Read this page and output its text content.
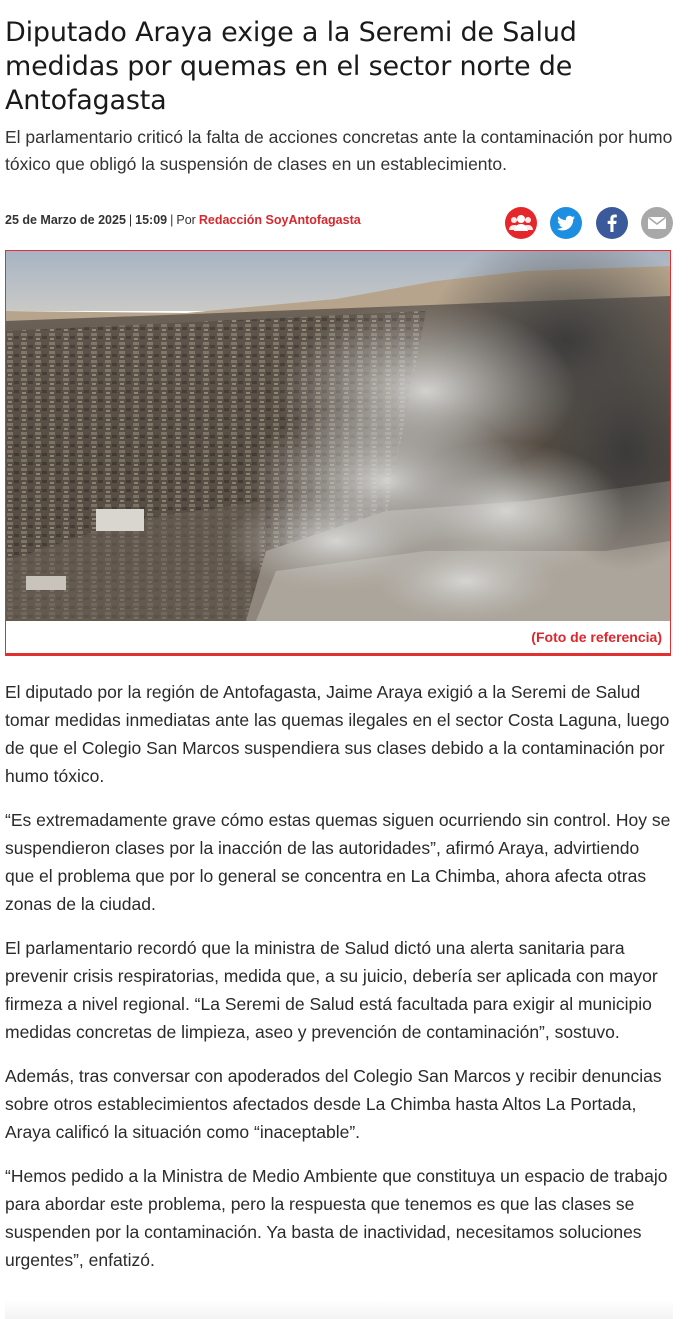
Diputado Araya exige a la Seremi de Salud medidas por quemas en el sector norte de Antofagasta
El parlamentario criticó la falta de acciones concretas ante la contaminación por humo tóxico que obligó la suspensión de clases en un establecimiento.
25 de Marzo de 2025 | 15:09 | Por Redacción SoyAntofagasta
(Foto de referencia)

El diputado por la región de Antofagasta, Jaime Araya exigió a la Seremi de Salud tomar medidas inmediatas ante las quemas ilegales en el sector Costa Laguna, luego de que el Colegio San Marcos suspendiera sus clases debido a la contaminación por humo tóxico.

“Es extremadamente grave cómo estas quemas siguen ocurriendo sin control. Hoy se suspendieron clases por la inacción de las autoridades”, afirmó Araya, advirtiendo que el problema que por lo general se concentra en La Chimba, ahora afecta otras zonas de la ciudad.

El parlamentario recordó que la ministra de Salud dictó una alerta sanitaria para prevenir crisis respiratorias, medida que, a su juicio, debería ser aplicada con mayor firmeza a nivel regional. “La Seremi de Salud está facultada para exigir al municipio medidas concretas de limpieza, aseo y prevención de contaminación”, sostuvo.

Además, tras conversar con apoderados del Colegio San Marcos y recibir denuncias sobre otros establecimientos afectados desde La Chimba hasta Altos La Portada, Araya calificó la situación como “inaceptable”.

“Hemos pedido a la Ministra de Medio Ambiente que constituya un espacio de trabajo para abordar este problema, pero la respuesta que tenemos es que las clases se suspenden por la contaminación. Ya basta de inactividad, necesitamos soluciones urgentes”, enfatizó.
